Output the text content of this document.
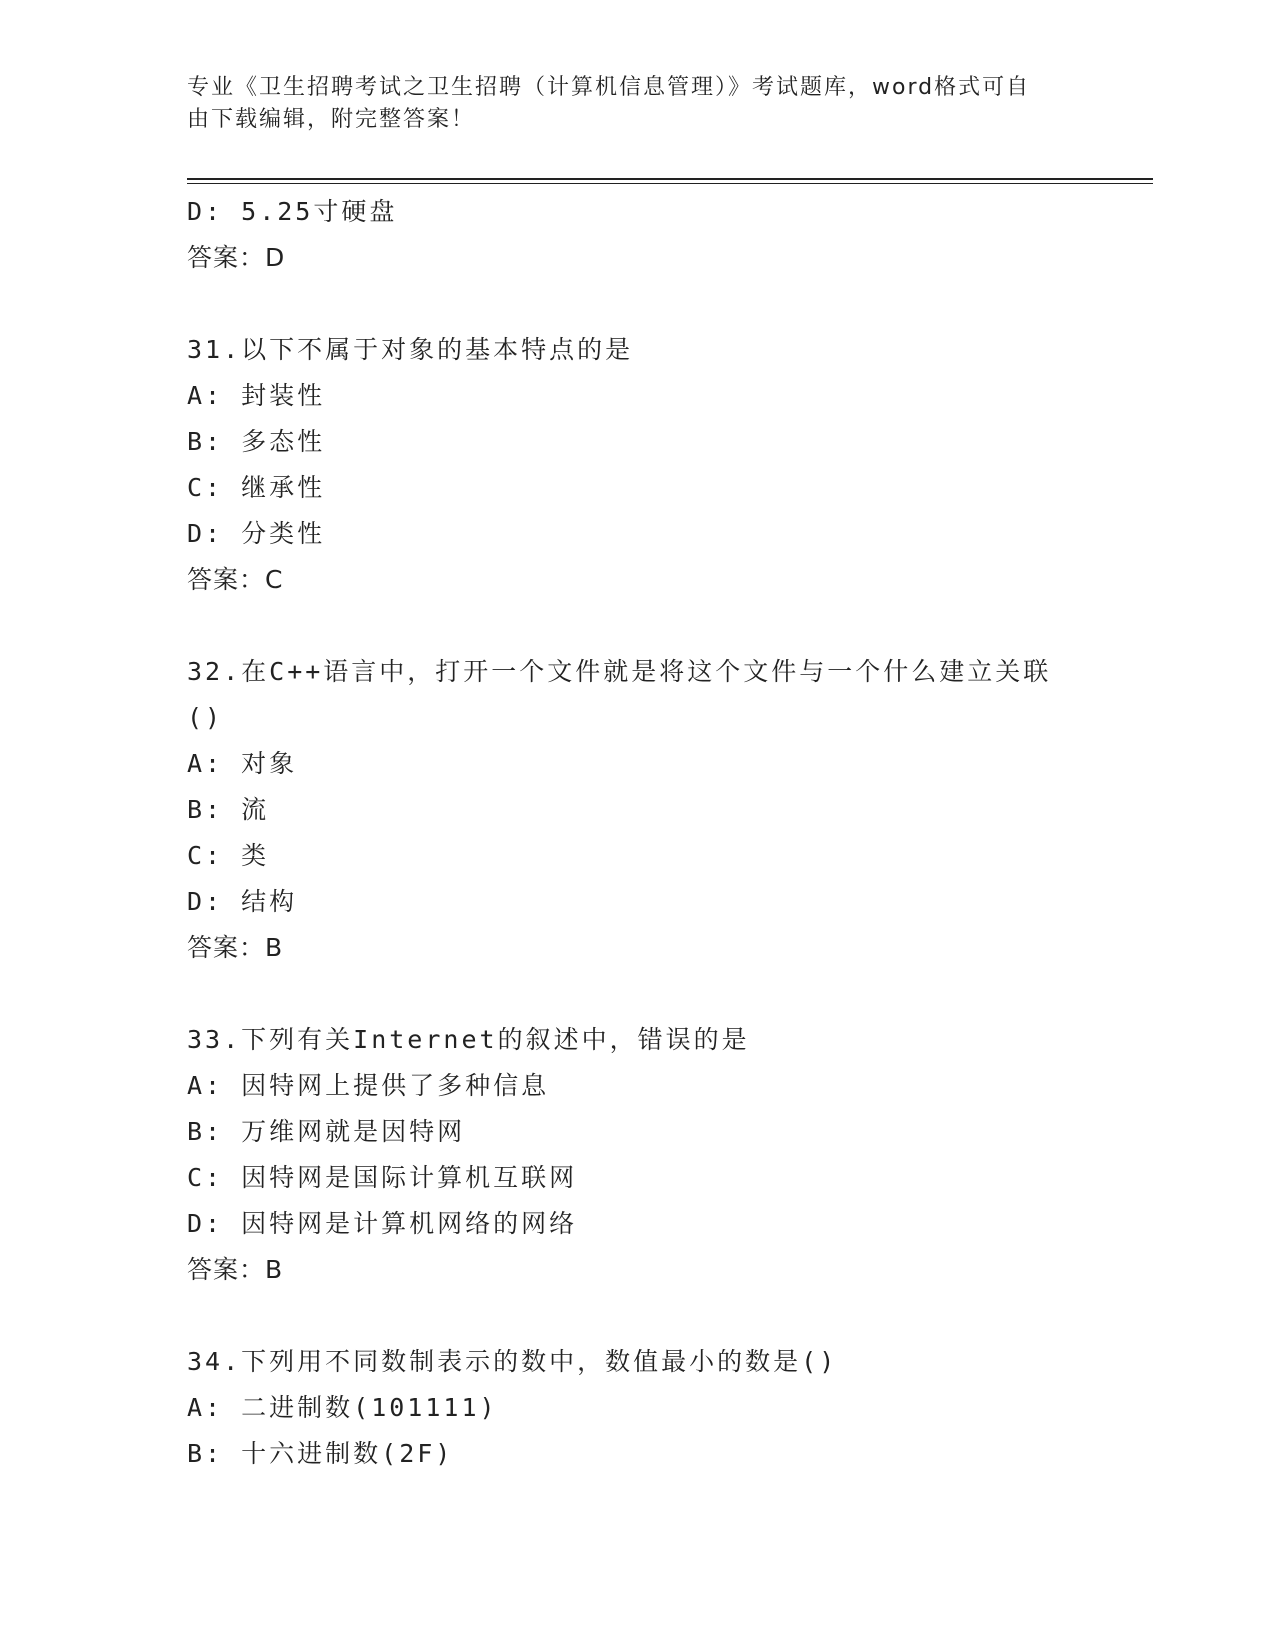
专业《卫生招聘考试之卫生招聘（计算机信息管理）》考试题库，word格式可自
由下载编辑，附完整答案！
D: 5.25寸硬盘
答案：D
31.以下不属于对象的基本特点的是
A: 封装性
B: 多态性
C: 继承性
D: 分类性
答案：C
32.在C++语言中，打开一个文件就是将这个文件与一个什么建立关联
()
A: 对象
B: 流
C: 类
D: 结构
答案：B
33.下列有关Internet的叙述中，错误的是
A: 因特网上提供了多种信息
B: 万维网就是因特网
C: 因特网是国际计算机互联网
D: 因特网是计算机网络的网络
答案：B
34.下列用不同数制表示的数中，数值最小的数是()
A: 二进制数(101111)
B: 十六进制数(2F)
